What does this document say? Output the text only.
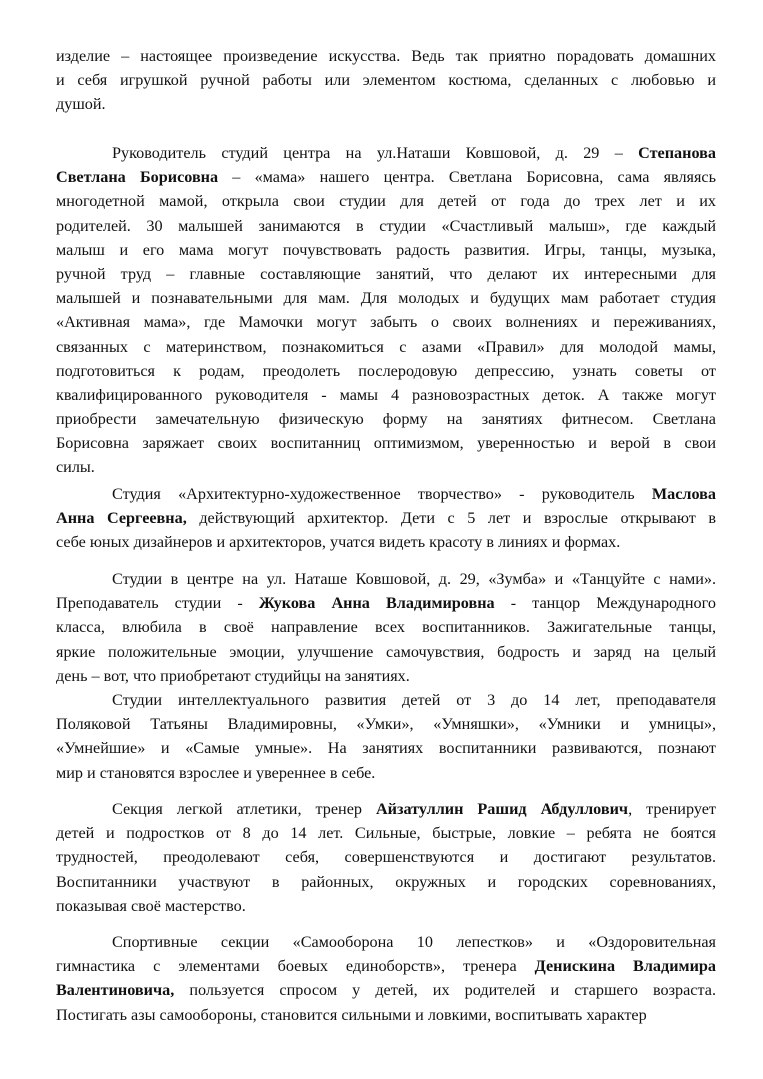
изделие – настоящее произведение искусства. Ведь так приятно порадовать домашних
и себя игрушкой ручной работы или элементом костюма, сделанных с любовью и
душой.
Руководитель студий центра на ул.Наташи Ковшовой, д. 29 – Степанова
Светлана Борисовна – «мама» нашего центра. Светлана Борисовна, сама являясь
многодетной мамой, открыла свои студии для детей от года до трех лет и их
родителей. 30 малышей занимаются в студии «Счастливый малыш», где каждый
малыш и его мама могут почувствовать радость развития. Игры, танцы, музыка,
ручной труд – главные составляющие занятий, что делают их интересными для
малышей и познавательными для мам. Для молодых и будущих мам работает студия
«Активная мама», где Мамочки могут забыть о своих волнениях и переживаниях,
связанных с материнством, познакомиться с азами «Правил» для молодой мамы,
подготовиться к родам, преодолеть послеродовую депрессию, узнать советы от
квалифицированного руководителя - мамы 4 разновозрастных деток. А также могут
приобрести замечательную физическую форму на занятиях фитнесом. Светлана
Борисовна заряжает своих воспитанниц оптимизмом, уверенностью и верой в свои
силы.
Студия «Архитектурно-художественное творчество» - руководитель Маслова
Анна Сергеевна, действующий архитектор. Дети с 5 лет и взрослые открывают в
себе юных дизайнеров и архитекторов, учатся видеть красоту в линиях и формах.
Студии в центре на ул. Наташе Ковшовой, д. 29, «Зумба» и «Танцуйте с нами».
Преподаватель студии - Жукова Анна Владимировна - танцор Международного
класса, влюбила в своё направление всех воспитанников. Зажигательные танцы,
яркие положительные эмоции, улучшение самочувствия, бодрость и заряд на целый
день – вот, что приобретают студийцы на занятиях.
Студии интеллектуального развития детей от 3 до 14 лет, преподавателя
Поляковой Татьяны Владимировны, «Умки», «Умняшки», «Умники и умницы»,
«Умнейшие» и «Самые умные». На занятиях воспитанники развиваются, познают
мир и становятся взрослее и увереннее в себе.
Секция легкой атлетики, тренер Айзатуллин Рашид Абдуллович, тренирует
детей и подростков от 8 до 14 лет. Сильные, быстрые, ловкие – ребята не боятся
трудностей, преодолевают себя, совершенствуются и достигают результатов.
Воспитанники участвуют в районных, окружных и городских соревнованиях,
показывая своё мастерство.
Спортивные секции «Самооборона 10 лепестков» и «Оздоровительная
гимнастика с элементами боевых единоборств», тренера Денискина Владимира
Валентиновича, пользуется спросом у детей, их родителей и старшего возраста.
Постигать азы самообороны, становится сильными и ловкими, воспитывать характер
